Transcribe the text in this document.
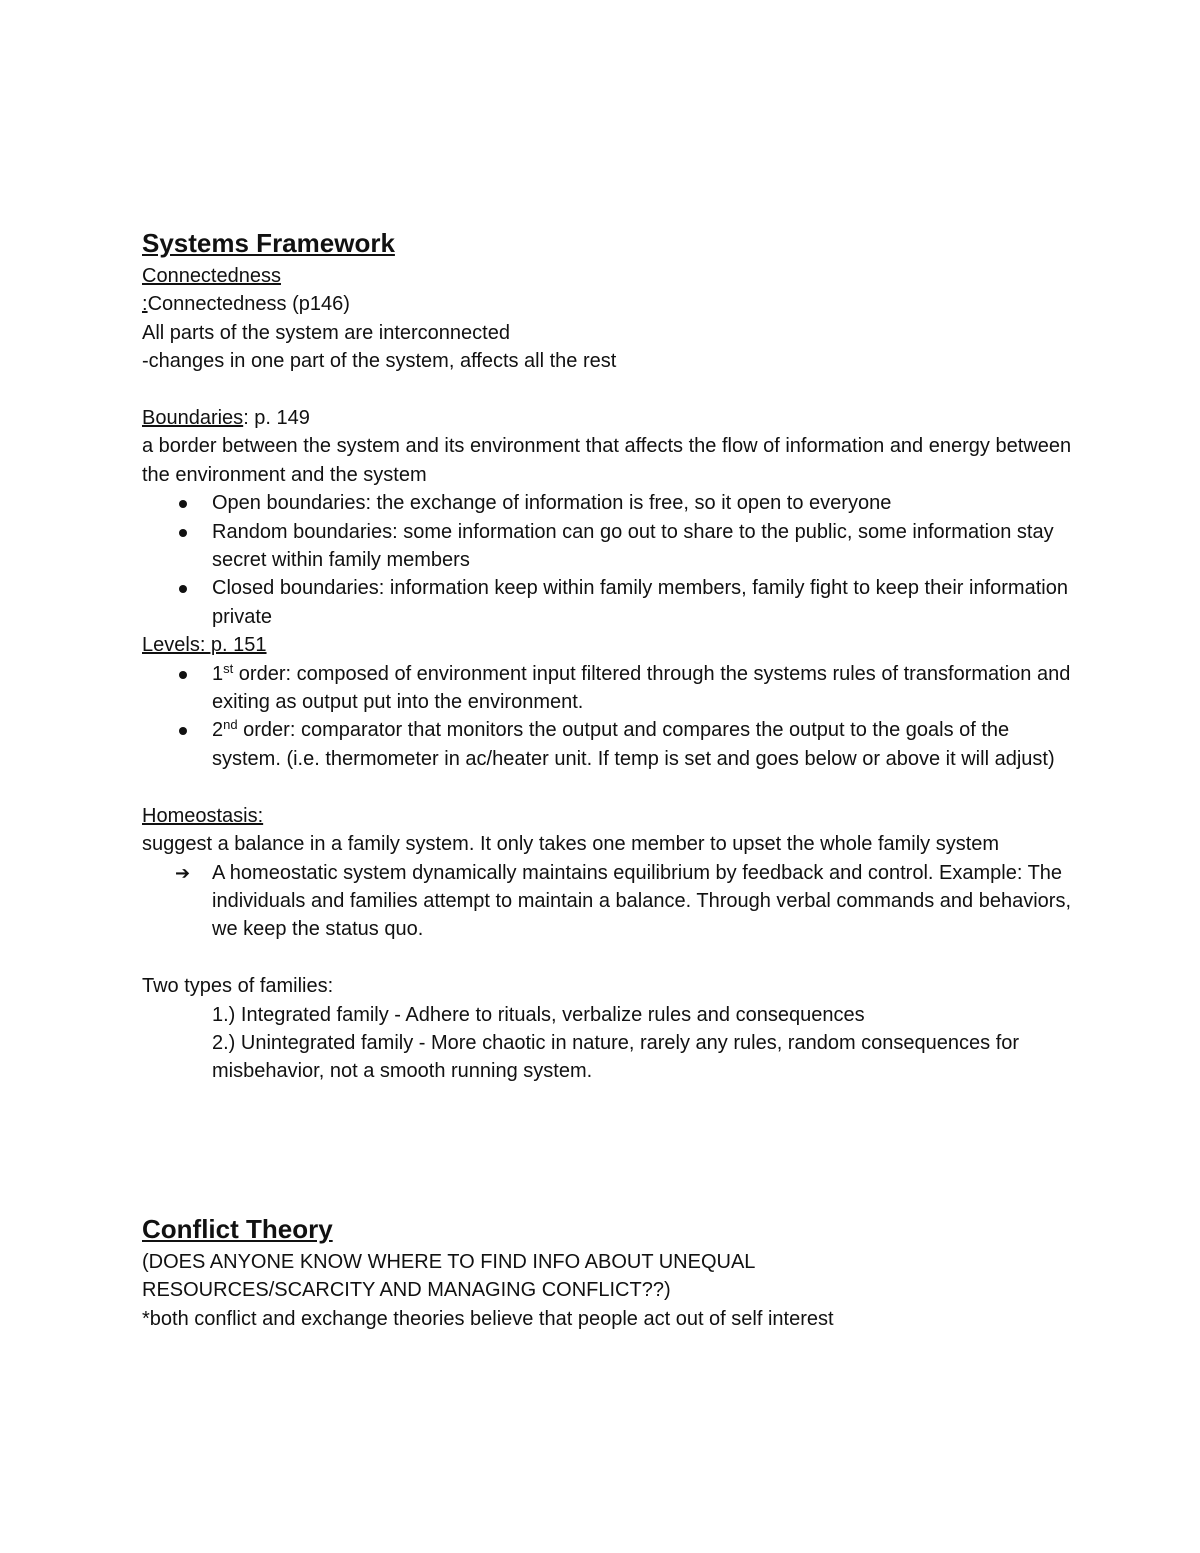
Systems Framework

Connectedness

:Connectedness (p146)

All parts of the system are interconnected

-changes in one part of the system, affects all the rest

Boundaries: p. 149

a border between the system and its environment that affects the flow of information and energy between the environment and the system

Open boundaries: the exchange of information is free, so it open to everyone
Random boundaries: some information can go out to share to the public, some information stay secret within family members
Closed boundaries: information keep within family members, family fight to keep their information private

Levels: p. 151

1st order: composed of environment input filtered through the systems rules of transformation and exiting as output put into the environment.
2nd order: comparator that monitors the output and compares the output to the goals of the system. (i.e. thermometer in ac/heater unit. If temp is set and goes below or above it will adjust)

Homeostasis:

suggest a balance in a family system. It only takes one member to upset the whole family system

➔ A homeostatic system dynamically maintains equilibrium by feedback and control. Example: The individuals and families attempt to maintain a balance. Through verbal commands and behaviors, we keep the status quo.

Two types of families:

1.) Integrated family - Adhere to rituals, verbalize rules and consequences

2.) Unintegrated family - More chaotic in nature, rarely any rules, random consequences for misbehavior, not a smooth running system.

Conflict Theory

(DOES ANYONE KNOW WHERE TO FIND INFO ABOUT UNEQUAL RESOURCES/SCARCITY AND MANAGING CONFLICT??)

*both conflict and exchange theories believe that people act out of self interest
